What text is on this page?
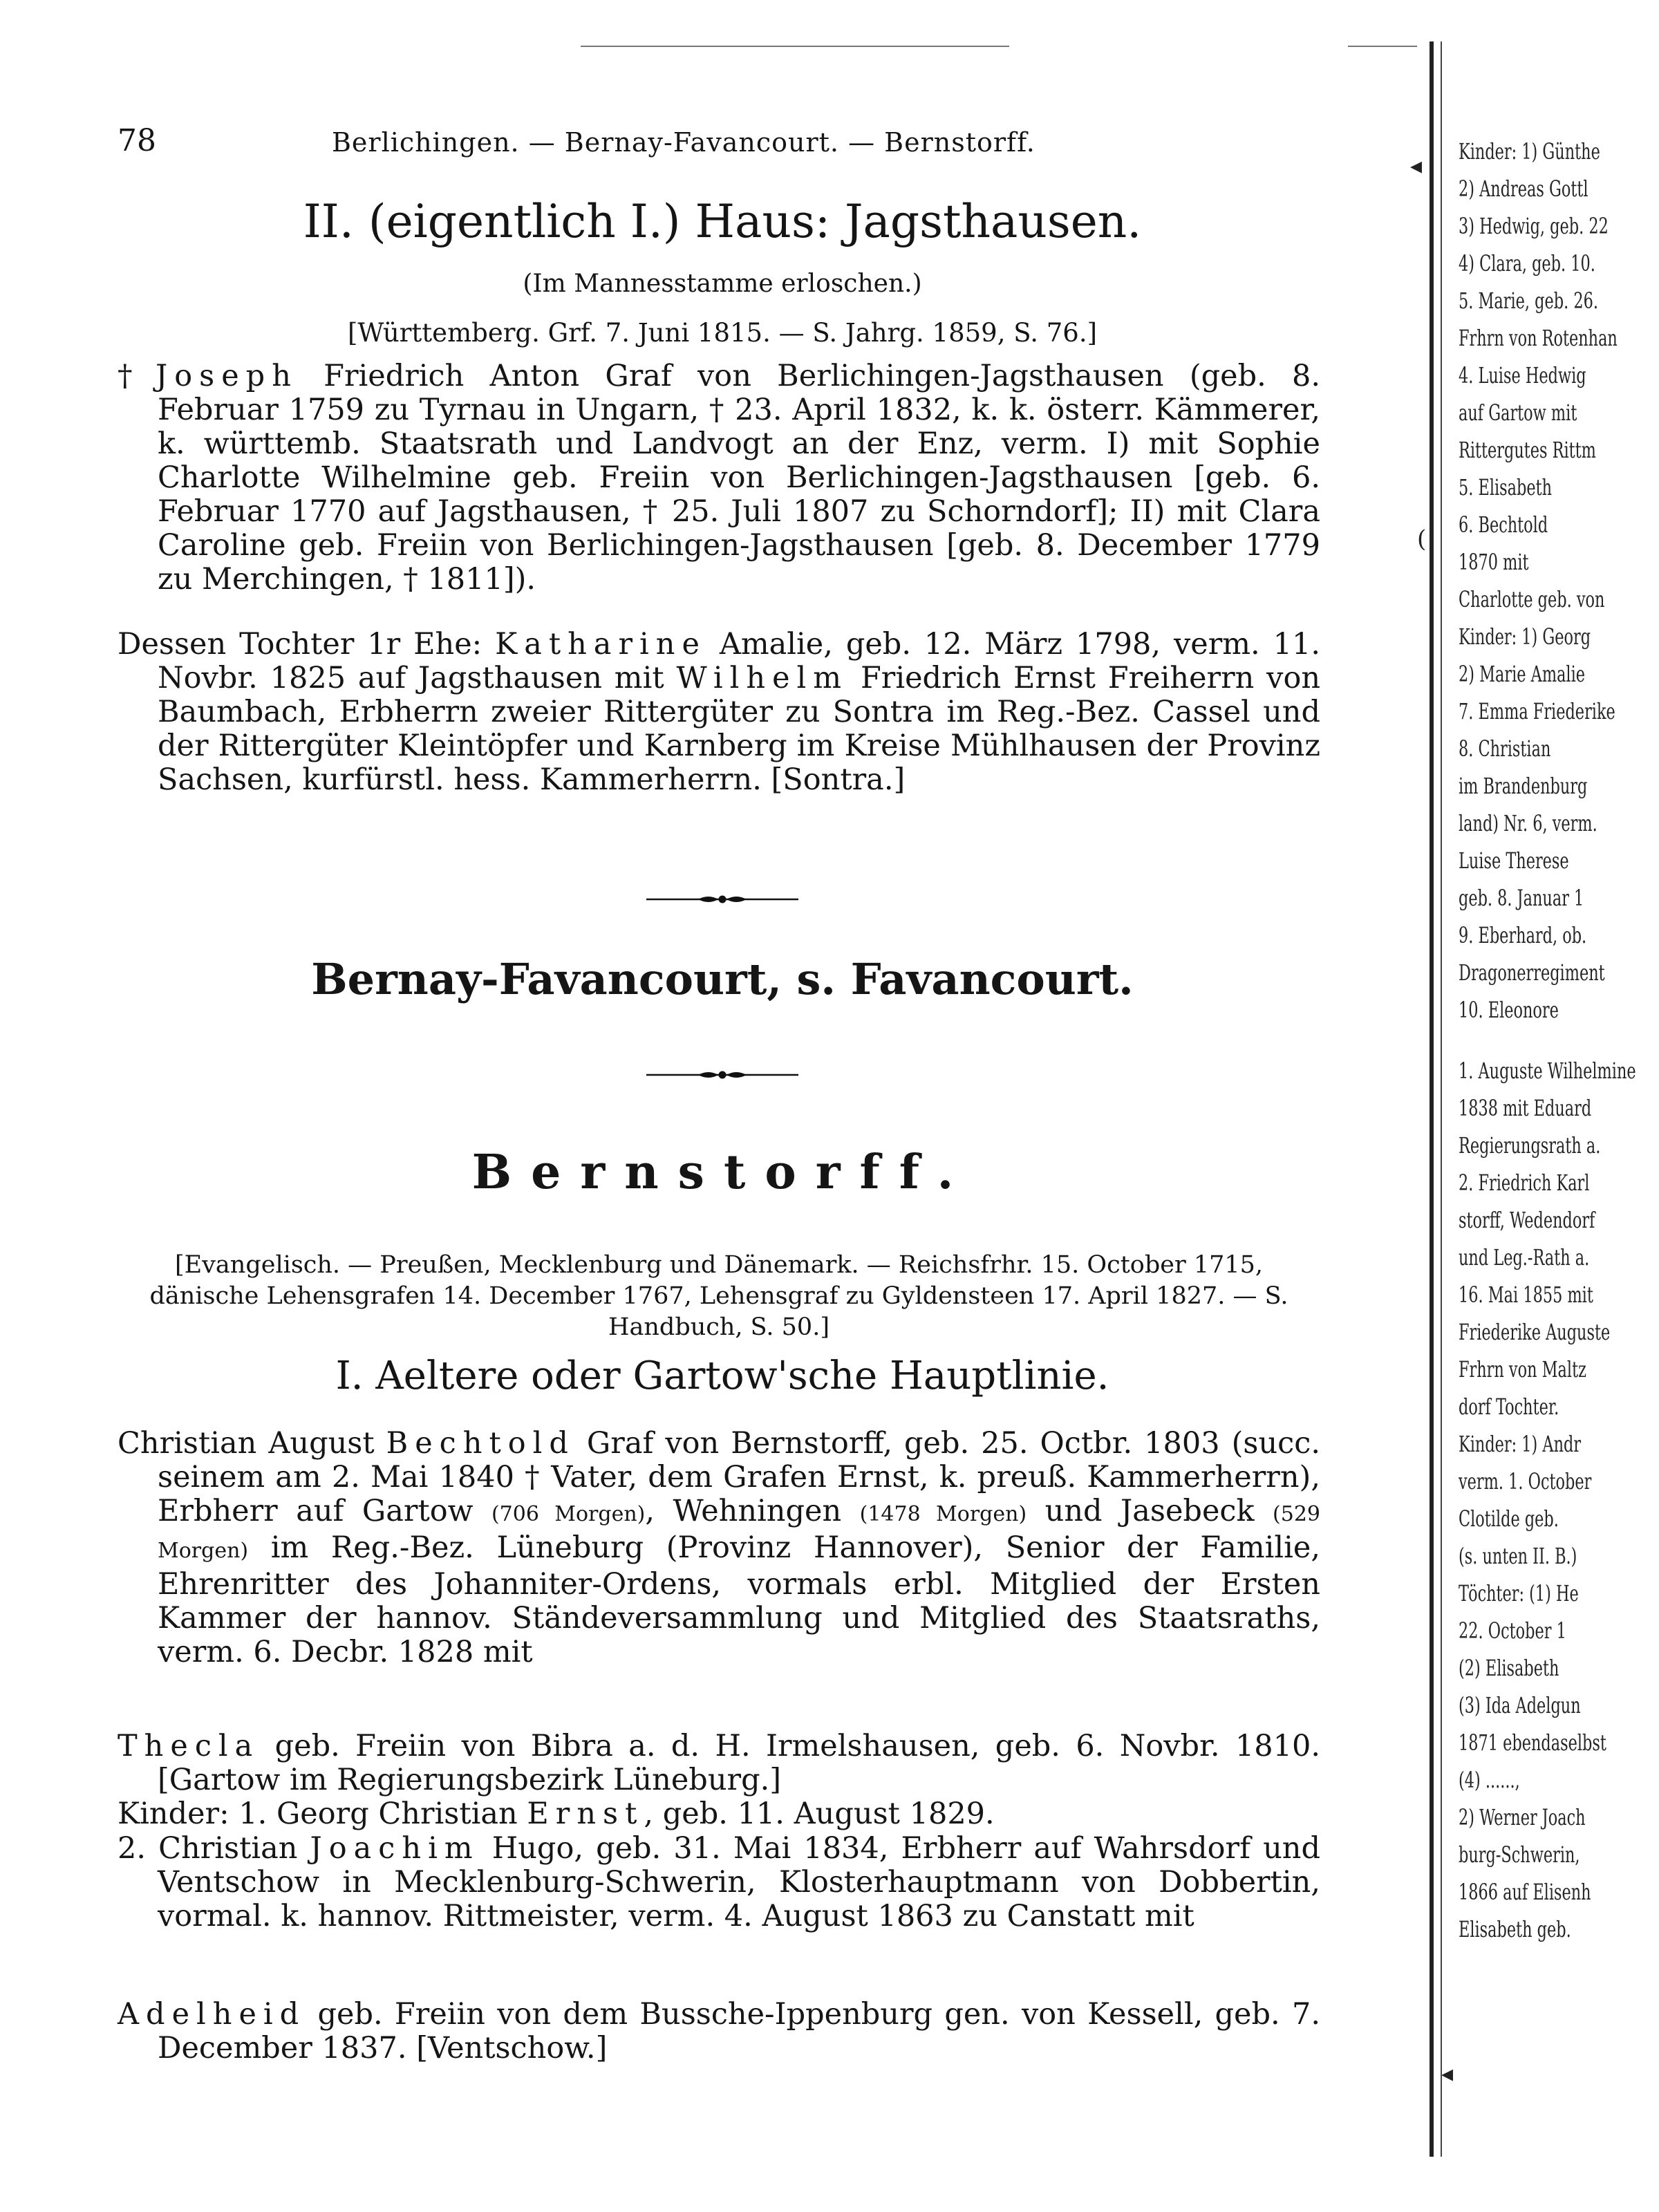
78	Berlichingen. — Bernay-Favancourt. — Bernstorff.
II. (eigentlich I.) Haus: Jagsthausen.
(Im Mannesstamme erloschen.)
[Württemberg. Grf. 7. Juni 1815. — S. Jahrg. 1859, S. 76.]

†Joseph Friedrich Anton Graf von Berlichingen-Jagsthausen (geb. 8. Februar 1759 zu Tyrnau in Ungarn, † 23. April 1832, k. k. österr. Kämmerer, k. württemb. Staatsrath und Landvogt an der Enz, verm. I) mit Sophie Charlotte Wilhelmine geb. Freiin von Berlichingen-Jagsthausen [geb. 6. Februar 1770 auf Jagsthausen, † 25. Juli 1807 zu Schorndorf]; II) mit Clara Caroline geb. Freiin von Berlichingen-Jagsthausen [geb. 8. December 1779 zu Merchingen, † 1811]).

Dessen Tochter 1r Ehe: Katharine Amalie, geb. 12. März 1798, verm. 11. Novbr. 1825 auf Jagsthausen mit Wilhelm Friedrich Ernst Freiherrn von Baumbach, Erbherrn zweier Rittergüter zu Sontra im Reg.-Bez. Cassel und der Rittergüter Kleintöpfer und Karnberg im Kreise Mühlhausen der Provinz Sachsen, kurfürstl. hess. Kammerherrn. [Sontra.]

Bernay-Favancourt, s. Favancourt.
Bernstorff.
[Evangelisch. — Preußen, Mecklenburg und Dänemark. — Reichsfrhr. 15. October 1715, dänische Lehensgrafen 14. December 1767, Lehensgraf zu Gyldensteen 17. April 1827. — S. Handbuch, S. 50.]
I. Aeltere oder Gartow'sche Hauptlinie.

Christian August Bechtold Graf von Bernstorff, geb. 25. Octbr. 1803 (succ. seinem am 2. Mai 1840 † Vater, dem Grafen Ernst, k. preuß. Kammerherrn), Erbherr auf Gartow (706 Morgen), Wehningen (1478 Morgen) und Jasebeck (529 Morgen) im Reg.-Bez. Lüneburg (Provinz Hannover), Senior der Familie, Ehrenritter des Johanniter-Ordens, vormals erbl. Mitglied der Ersten Kammer der hannov. Ständeversammlung und Mitglied des Staatsraths, verm. 6. Decbr. 1828 mit

Thecla geb. Freiin von Bibra a. d. H. Irmelshausen, geb. 6. Novbr. 1810. [Gartow im Regierungsbezirk Lüneburg.]

Kinder: 1. Georg Christian Ernst, geb. 11. August 1829.

2. Christian Joachim Hugo, geb. 31. Mai 1834, Erbherr auf Wahrsdorf und Ventschow in Mecklenburg-Schwerin, Klosterhauptmann von Dobbertin, vormal. k. hannov. Rittmeister, verm. 4. August 1863 zu Canstatt mit

Adelheid geb. Freiin von dem Bussche-Ippenburg gen. von Kessell, geb. 7. December 1837. [Ventschow.]

◂
(
◂
Kinder: 1) Günthe
2) Andreas Gottl
3) Hedwig, geb. 22
4) Clara, geb. 10.
5. Marie, geb. 26.
Frhrn von Rotenhan
4. Luise Hedwig
auf Gartow mit
Rittergutes Rittm
5. Elisabeth
6. Bechtold
1870 mit
Charlotte geb. von
Kinder: 1) Georg
2) Marie Amalie
7. Emma Friederike
8. Christian
im Brandenburg
land) Nr. 6, verm.
Luise Therese
geb. 8. Januar 1
9. Eberhard, ob.
Dragonerregiment
10. Eleonore
1. Auguste Wilhelmine
1838 mit Eduard
Regierungsrath a.
2. Friedrich Karl
storff, Wedendorf
und Leg.-Rath a.
16. Mai 1855 mit
Friederike Auguste
Frhrn von Maltz
dorf Tochter.
Kinder: 1) Andr
verm. 1. October
Clotilde geb.
(s. unten II. B.)
Töchter: (1) He
22. October 1
(2) Elisabeth
(3) Ida Adelgun
1871 ebendaselbst
(4) ......,
2) Werner Joach
burg-Schwerin,
1866 auf Elisenh
Elisabeth geb.
